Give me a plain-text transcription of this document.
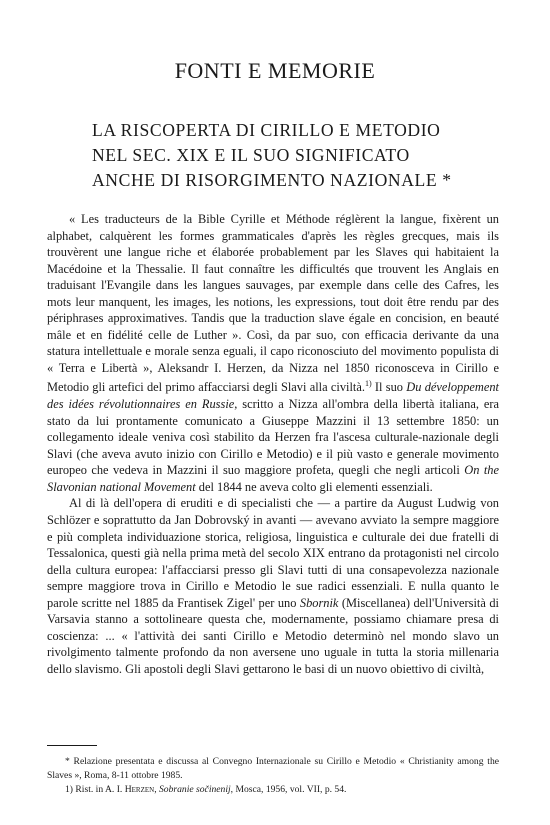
FONTI E MEMORIE
LA RISCOPERTA DI CIRILLO E METODIO
NEL SEC. XIX E IL SUO SIGNIFICATO
ANCHE DI RISORGIMENTO NAZIONALE *

« Les traducteurs de la Bible Cyrille et Méthode réglèrent la langue, fixèrent un alphabet, calquèrent les formes grammaticales d'après les règles grecques, mais ils trouvèrent une langue riche et élaborée probablement par les Slaves qui habitaient la Macédoine et la Thessalie. Il faut connaître les difficultés que trouvent les Anglais en traduisant l'Evangile dans les langues sauvages, par exemple dans celle des Cafres, les mots leur manquent, les images, les notions, les expressions, tout doit être rendu par des périphrases approximatives. Tandis que la traduction slave égale en concision, en beauté mâle et en fidélité celle de Luther ». Così, da par suo, con efficacia derivante da una statura intellettuale e morale senza eguali, il capo riconosciuto del movimento populista di « Terra e Libertà », Aleksandr I. Herzen, da Nizza nel 1850 riconosceva in Cirillo e Metodio gli artefici del primo affacciarsi degli Slavi alla civiltà.$^{1)}$ Il suo Du développement des idées révolutionnaires en Russie, scritto a Nizza all'ombra della libertà italiana, era stato da lui prontamente comunicato a Giuseppe Mazzini il 13 settembre 1850: un collegamento ideale veniva così stabilito da Herzen fra l'ascesa culturale-nazionale degli Slavi (che aveva avuto inizio con Cirillo e Metodio) e il più vasto e generale movimento europeo che vedeva in Mazzini il suo maggiore profeta, quegli che negli articoli On the Slavonian national Movement del 1844 ne aveva colto gli elementi essenziali.

Al di là dell'opera di eruditi e di specialisti che — a partire da August Ludwig von Schlözer e soprattutto da Jan Dobrovský in avanti — avevano avviato la sempre maggiore e più completa individuazione storica, religiosa, linguistica e culturale dei due fratelli di Tessalonica, questi già nella prima metà del secolo XIX entrano da protagonisti nel circolo della cultura europea: l'affacciarsi presso gli Slavi tutti di una consapevolezza nazionale sempre maggiore trova in Cirillo e Metodio le sue radici essenziali. E nulla quanto le parole scritte nel 1885 da Frantisek Zigel' per uno Sbornik (Miscellanea) dell'Università di Varsavia stanno a sottolineare questa che, modernamente, possiamo chiamare presa di coscienza: ... « l'attività dei santi Cirillo e Metodio determinò nel mondo slavo un rivolgimento talmente profondo da non aversene uno uguale in tutta la storia millenaria dello slavismo. Gli apostoli degli Slavi gettarono le basi di un nuovo obiettivo di civiltà,

* Relazione presentata e discussa al Convegno Internazionale su Cirillo e Metodio « Christianity among the Slaves », Roma, 8-11 ottobre 1985.

1) Rist. in A. I. Herzen, Sobranie sočinenij, Mosca, 1956, vol. VII, p. 54.
